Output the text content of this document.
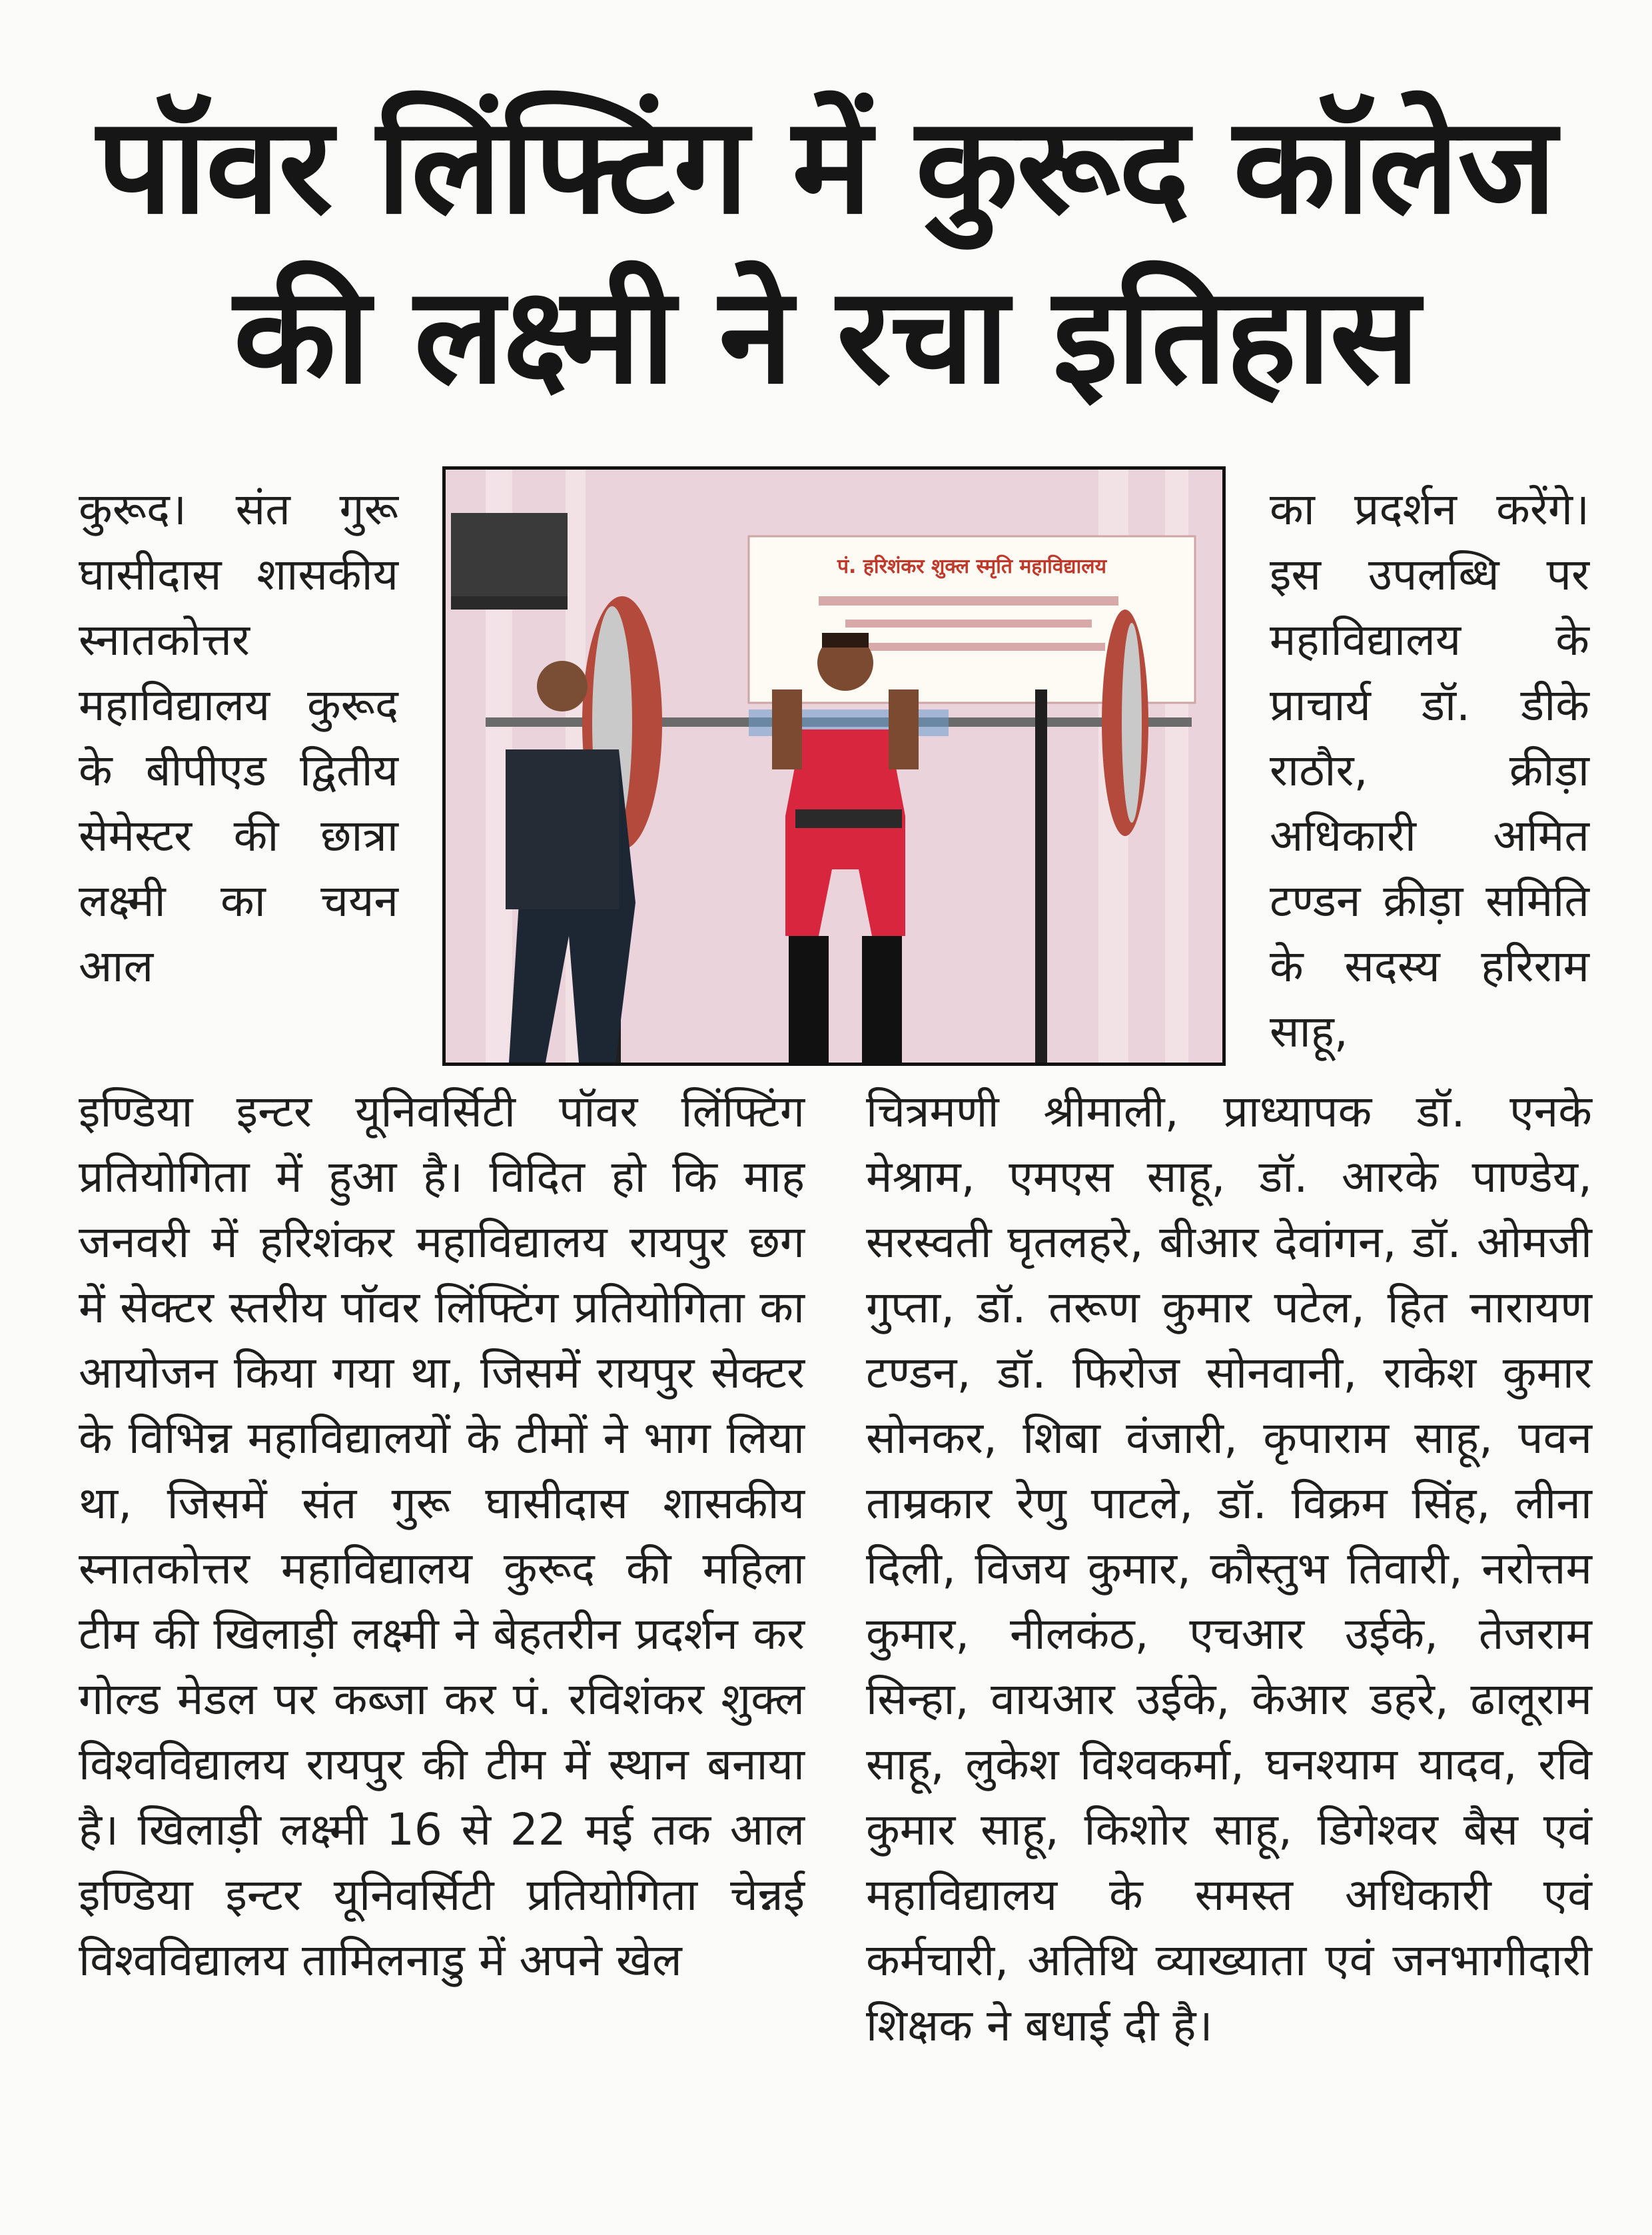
पॉवर लिंफ्टिंग में कुरूद कॉलेज
की लक्ष्मी ने रचा इतिहास
पं. हरिशंकर शुक्ल स्मृति महाविद्यालय
कुरूद। संत गुरू घासीदास शासकीय स्नातकोत्तर महाविद्यालय कुरूद के बीपीएड द्वितीय सेमेस्टर की छात्रा लक्ष्मी का चयन आल
का प्रदर्शन करेंगे। इस उपलब्धि पर महाविद्यालय के प्राचार्य डॉ. डीके राठौर, क्रीड़ा अधिकारी अमित टण्डन क्रीड़ा समिति के सदस्य हरिराम साहू,
इण्डिया इन्टर यूनिवर्सिटी पॉवर लिंफ्टिंग प्रतियोगिता में हुआ है। विदित हो कि माह जनवरी में हरिशंकर महाविद्यालय रायपुर छग में सेक्टर स्तरीय पॉवर लिंफ्टिंग प्रतियोगिता का आयोजन किया गया था, जिसमें रायपुर सेक्टर के विभिन्न महाविद्यालयों के टीमों ने भाग लिया था, जिसमें संत गुरू घासीदास शासकीय स्नातकोत्तर महाविद्यालय कुरूद की महिला टीम की खिलाड़ी लक्ष्मी ने बेहतरीन प्रदर्शन कर गोल्ड मेडल पर कब्जा कर पं. रविशंकर शुक्ल विश्वविद्यालय रायपुर की टीम में स्थान बनाया है। खिलाड़ी लक्ष्मी 16 से 22 मई तक आल इण्डिया इन्टर यूनिवर्सिटी प्रतियोगिता चेन्नई विश्वविद्यालय तामिलनाडु में अपने खेल
चित्रमणी श्रीमाली, प्राध्यापक डॉ. एनके मेश्राम, एमएस साहू, डॉ. आरके पाण्डेय, सरस्वती घृतलहरे, बीआर देवांगन, डॉ. ओमजी गुप्ता, डॉ. तरूण कुमार पटेल, हित नारायण टण्डन, डॉ. फिरोज सोनवानी, राकेश कुमार सोनकर, शिबा वंजारी, कृपाराम साहू, पवन ताम्रकार रेणु पाटले, डॉ. विक्रम सिंह, लीना दिली, विजय कुमार, कौस्तुभ तिवारी, नरोत्तम कुमार, नीलकंठ, एचआर उईके, तेजराम सिन्हा, वायआर उईके, केआर डहरे, ढालूराम साहू, लुकेश विश्वकर्मा, घनश्याम यादव, रवि कुमार साहू, किशोर साहू, डिगेश्वर बैस एवं महाविद्यालय के समस्त अधिकारी एवं कर्मचारी, अतिथि व्याख्याता एवं जनभागीदारी शिक्षक ने बधाई दी है।
